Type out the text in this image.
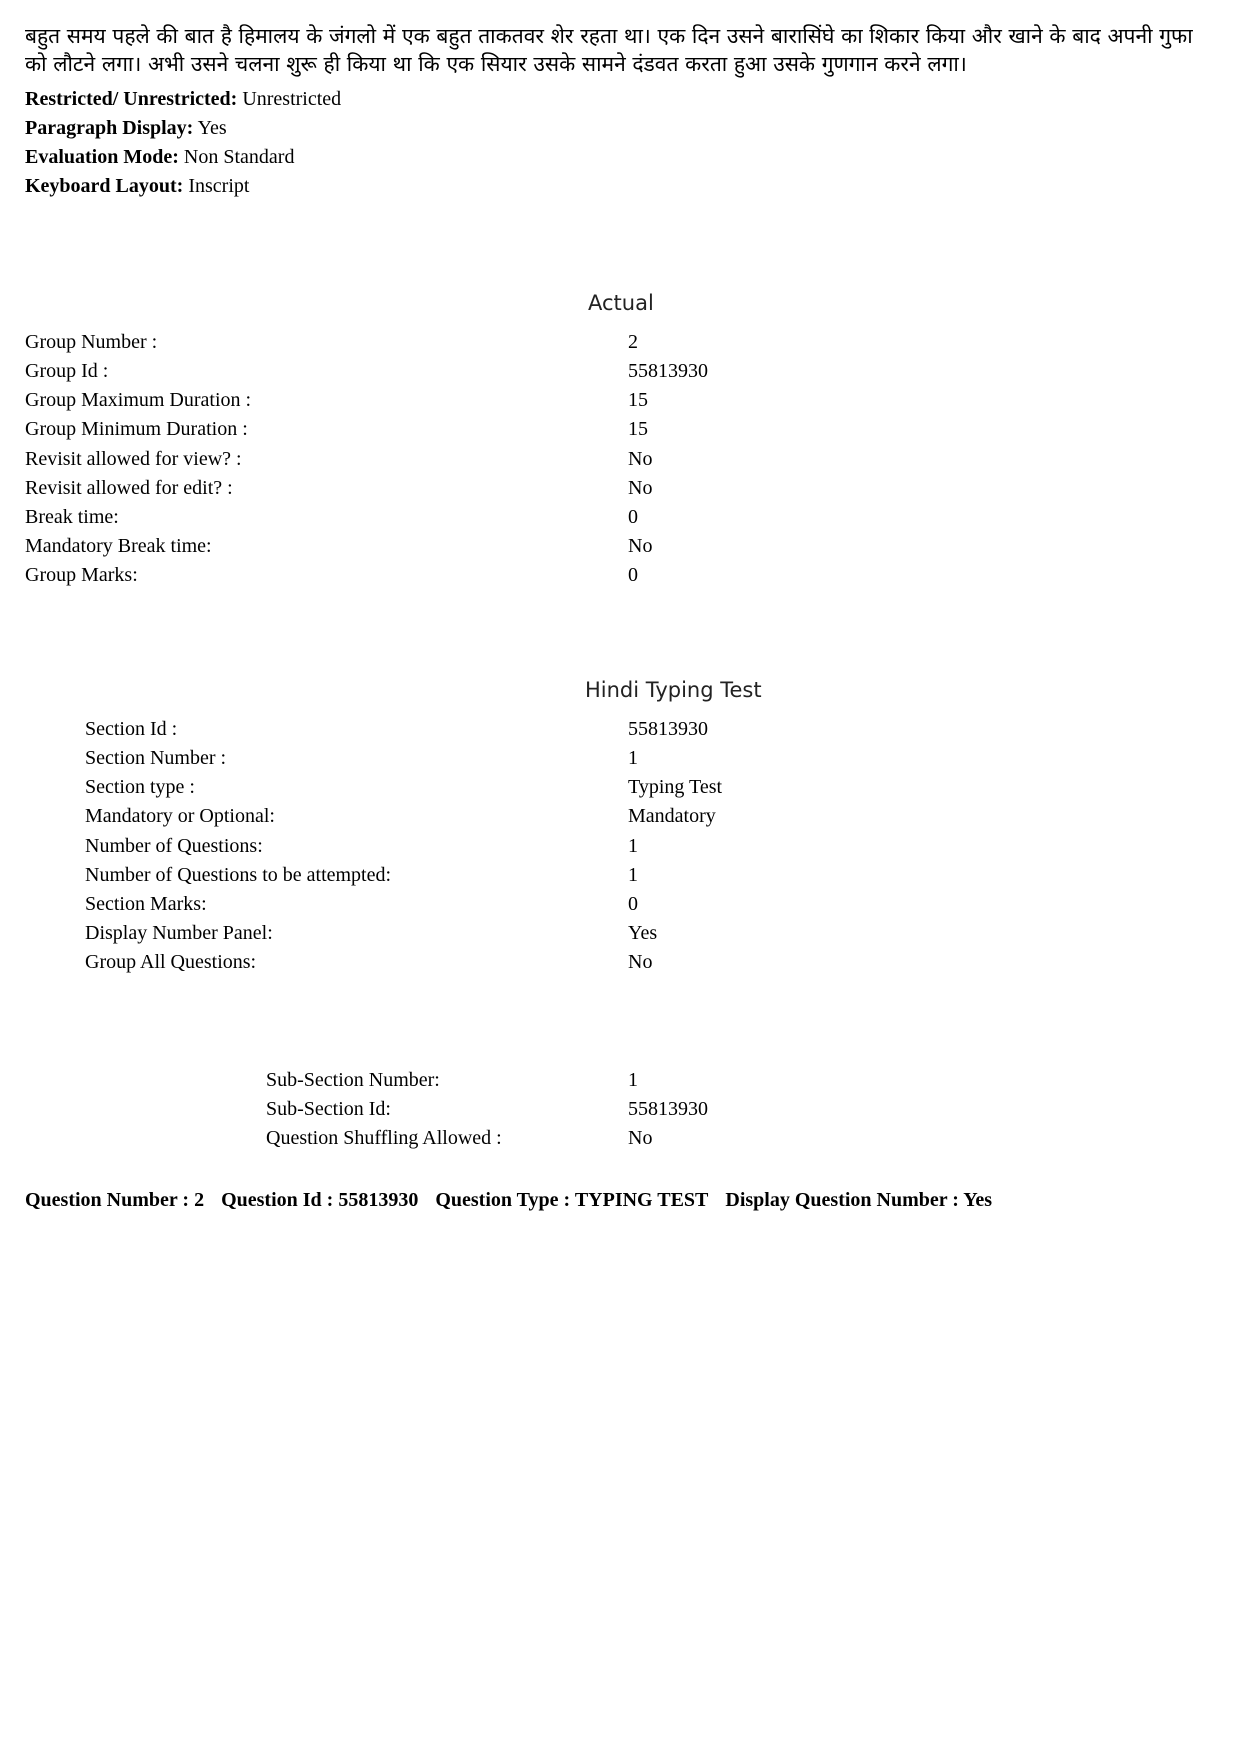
बहुत समय पहले की बात है हिमालय के जंगलो में एक बहुत ताकतवर शेर रहता था। एक दिन उसने बारासिंघे का शिकार किया और खाने के बाद अपनी गुफा को लौटने लगा। अभी उसने चलना शुरू ही किया था कि एक सियार उसके सामने दंडवत करता हुआ उसके गुणगान करने लगा।
Restricted/ Unrestricted: Unrestricted
Paragraph Display: Yes
Evaluation Mode: Non Standard
Keyboard Layout: Inscript
Actual
Group Number :	2
Group Id :	55813930
Group Maximum Duration :	15
Group Minimum Duration :	15
Revisit allowed for view? :	No
Revisit allowed for edit? :	No
Break time:	0
Mandatory Break time:	No
Group Marks:	0
Hindi Typing Test
Section Id :	55813930
Section Number :	1
Section type :	Typing Test
Mandatory or Optional:	Mandatory
Number of Questions:	1
Number of Questions to be attempted:	1
Section Marks:	0
Display Number Panel:	Yes
Group All Questions:	No
Sub-Section Number:	1
Sub-Section Id:	55813930
Question Shuffling Allowed :	No
Question Number : 2 Question Id : 55813930 Question Type : TYPING TEST Display Question Number : Yes
